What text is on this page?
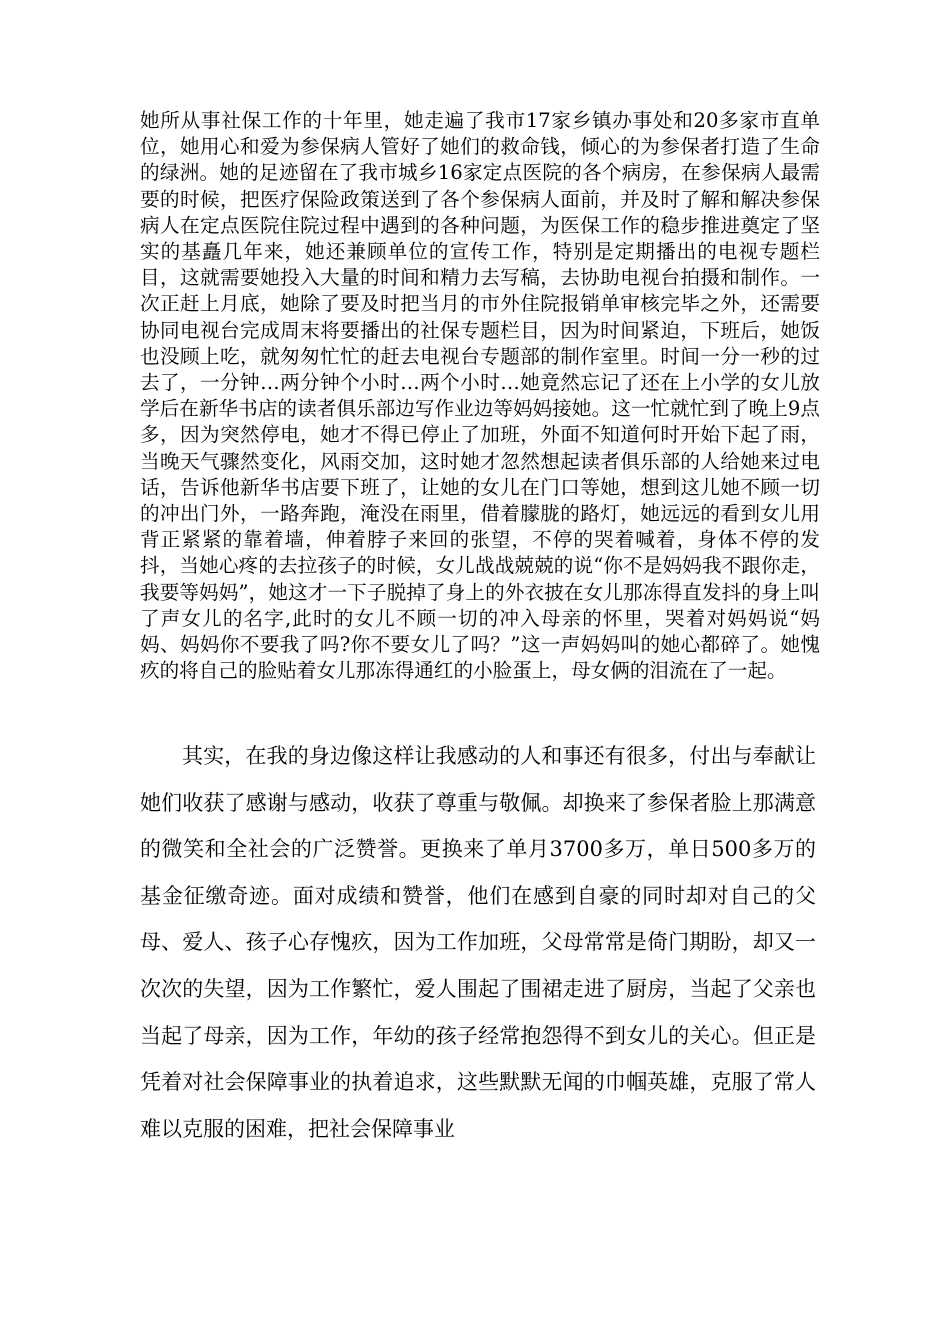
她所从事社保工作的十年里，她走遍了我市17家乡镇办事处和20多家市直单位，她用心和爱为参保病人管好了她们的救命钱，倾心的为参保者打造了生命的绿洲。她的足迹留在了我市城乡16家定点医院的各个病房，在参保病人最需要的时候，把医疗保险政策送到了各个参保病人面前，并及时了解和解决参保病人在定点医院住院过程中遇到的各种问题，为医保工作的稳步推进奠定了坚实的基矗几年来，她还兼顾单位的宣传工作，特别是定期播出的电视专题栏目，这就需要她投入大量的时间和精力去写稿，去协助电视台拍摄和制作。一次正赶上月底，她除了要及时把当月的市外住院报销单审核完毕之外，还需要协同电视台完成周末将要播出的社保专题栏目，因为时间紧迫，下班后，她饭也没顾上吃，就匆匆忙忙的赶去电视台专题部的制作室里。时间一分一秒的过去了，一分钟…两分钟个小时…两个小时…她竟然忘记了还在上小学的女儿放学后在新华书店的读者俱乐部边写作业边等妈妈接她。这一忙就忙到了晚上9点多，因为突然停电，她才不得已停止了加班，外面不知道何时开始下起了雨，当晚天气骤然变化，风雨交加，这时她才忽然想起读者俱乐部的人给她来过电话，告诉他新华书店要下班了，让她的女儿在门口等她，想到这儿她不顾一切的冲出门外，一路奔跑，淹没在雨里，借着朦胧的路灯，她远远的看到女儿用背正紧紧的靠着墙，伸着脖子来回的张望，不停的哭着喊着，身体不停的发抖，当她心疼的去拉孩子的时候，女儿战战兢兢的说“你不是妈妈我不跟你走，我要等妈妈”，她这才一下子脱掉了身上的外衣披在女儿那冻得直发抖的身上叫了声女儿的名字,此时的女儿不顾一切的冲入母亲的怀里，哭着对妈妈说“妈妈、妈妈你不要我了吗?你不要女儿了吗？”这一声妈妈叫的她心都碎了。她愧疚的将自己的脸贴着女儿那冻得通红的小脸蛋上，母女俩的泪流在了一起。

其实，在我的身边像这样让我感动的人和事还有很多，付出与奉献让她们收获了感谢与感动，收获了尊重与敬佩。却换来了参保者脸上那满意的微笑和全社会的广泛赞誉。更换来了单月3700多万，单日500多万的基金征缴奇迹。面对成绩和赞誉，他们在感到自豪的同时却对自己的父母、爱人、孩子心存愧疚，因为工作加班，父母常常是倚门期盼，却又一次次的失望，因为工作繁忙，爱人围起了围裙走进了厨房，当起了父亲也当起了母亲，因为工作，年幼的孩子经常抱怨得不到女儿的关心。但正是凭着对社会保障事业的执着追求，这些默默无闻的巾帼英雄，克服了常人难以克服的困难，把社会保障事业
